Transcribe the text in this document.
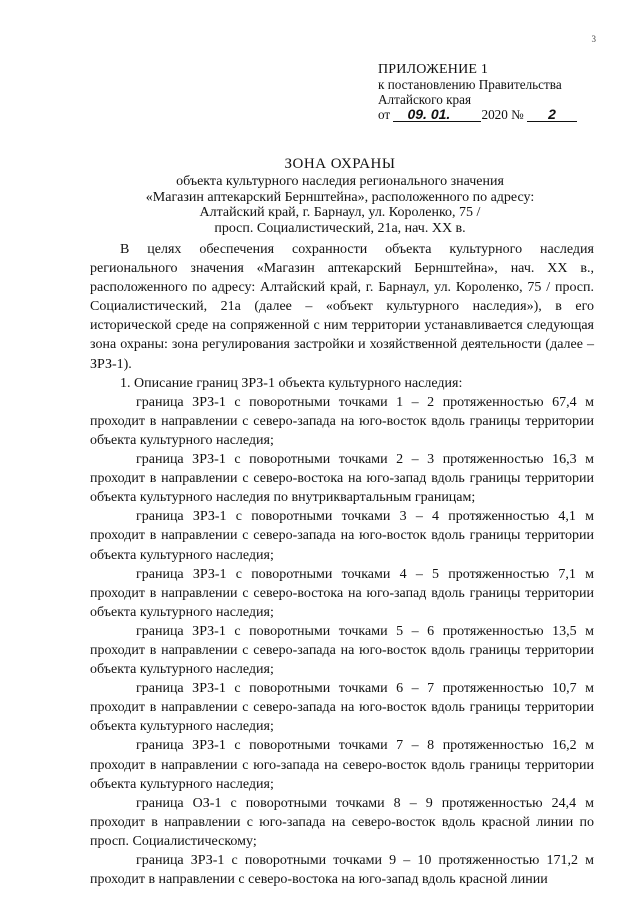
3
ПРИЛОЖЕНИЕ 1
к постановлению Правительства
Алтайского края
от 09. 01. 2020 № 2
ЗОНА ОХРАНЫ
объекта культурного наследия регионального значения
«Магазин аптекарский Бернштейна», расположенного по адресу:
Алтайский край, г. Барнаул, ул. Короленко, 75 /
просп. Социалистический, 21а, нач. XX в.

В целях обеспечения сохранности объекта культурного наследия регионального значения «Магазин аптекарский Бернштейна», нач. XX в., расположенного по адресу: Алтайский край, г. Барнаул, ул. Короленко, 75 / просп. Социалистический, 21а (далее – «объект культурного наследия»), в его исторической среде на сопряженной с ним территории устанавливается следующая зона охраны: зона регулирования застройки и хозяйственной деятельности (далее – ЗРЗ-1).

1. Описание границ ЗРЗ-1 объекта культурного наследия:

граница ЗРЗ-1 с поворотными точками 1 – 2 протяженностью 67,4 м проходит в направлении с северо-запада на юго-восток вдоль границы территории объекта культурного наследия;

граница ЗРЗ-1 с поворотными точками 2 – 3 протяженностью 16,3 м проходит в направлении с северо-востока на юго-запад вдоль границы территории объекта культурного наследия по внутриквартальным границам;

граница ЗРЗ-1 с поворотными точками 3 – 4 протяженностью 4,1 м проходит в направлении с северо-запада на юго-восток вдоль границы территории объекта культурного наследия;

граница ЗРЗ-1 с поворотными точками 4 – 5 протяженностью 7,1 м проходит в направлении с северо-востока на юго-запад вдоль границы территории объекта культурного наследия;

граница ЗРЗ-1 с поворотными точками 5 – 6 протяженностью 13,5 м проходит в направлении с северо-запада на юго-восток вдоль границы территории объекта культурного наследия;

граница ЗРЗ-1 с поворотными точками 6 – 7 протяженностью 10,7 м проходит в направлении с северо-запада на юго-восток вдоль границы территории объекта культурного наследия;

граница ЗРЗ-1 с поворотными точками 7 – 8 протяженностью 16,2 м проходит в направлении с юго-запада на северо-восток вдоль границы территории объекта культурного наследия;

граница ОЗ-1 с поворотными точками 8 – 9 протяженностью 24,4 м проходит в направлении с юго-запада на северо-восток вдоль красной линии по просп. Социалистическому;

граница ЗРЗ-1 с поворотными точками 9 – 10 протяженностью 171,2 м проходит в направлении с северо-востока на юго-запад вдоль красной линии
